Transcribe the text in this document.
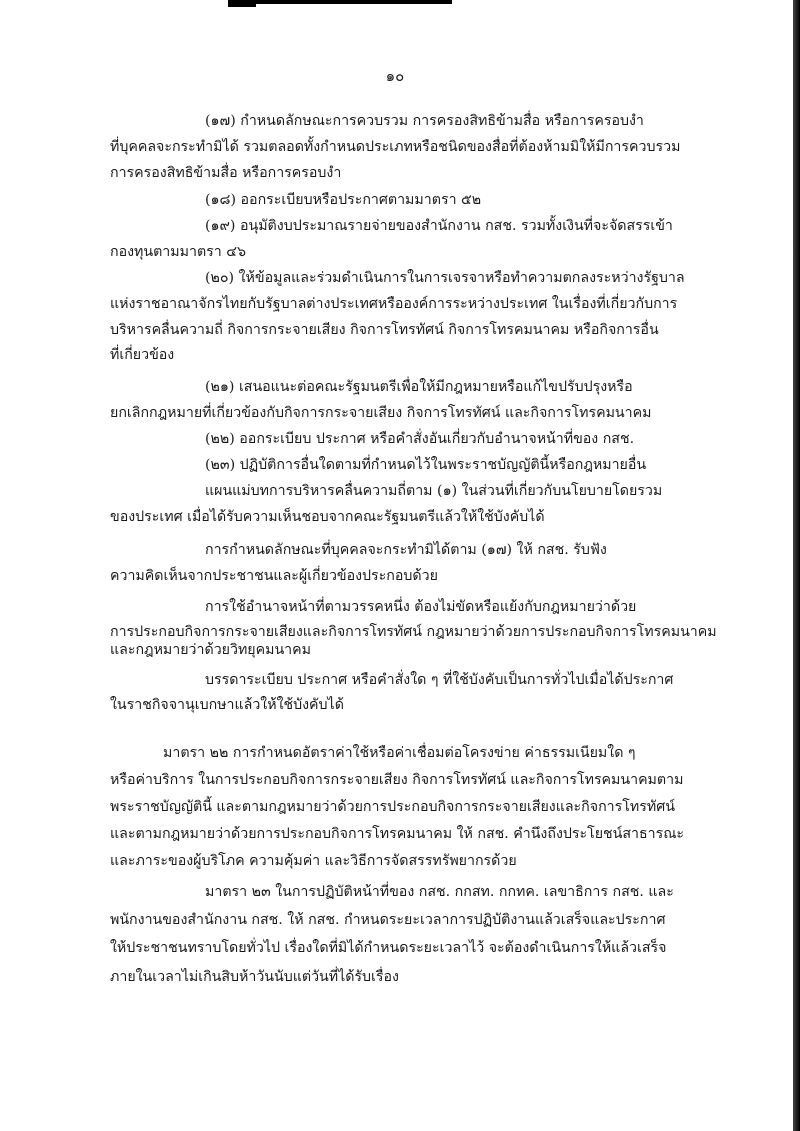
๑๐
(๑๗) กำหนดลักษณะการควบรวม การครองสิทธิข้ามสื่อ หรือการครอบงำ
ที่บุคคลจะกระทำมิได้ รวมตลอดทั้งกำหนดประเภทหรือชนิดของสื่อที่ต้องห้ามมิให้มีการควบรวม
การครองสิทธิข้ามสื่อ หรือการครอบงำ
(๑๘) ออกระเบียบหรือประกาศตามมาตรา ๕๒
(๑๙) อนุมัติงบประมาณรายจ่ายของสำนักงาน กสช. รวมทั้งเงินที่จะจัดสรรเข้า
กองทุนตามมาตรา ๔๖
(๒๐) ให้ข้อมูลและร่วมดำเนินการในการเจรจาหรือทำความตกลงระหว่างรัฐบาล
แห่งราชอาณาจักรไทยกับรัฐบาลต่างประเทศหรือองค์การระหว่างประเทศ ในเรื่องที่เกี่ยวกับการ
บริหารคลื่นความถี่ กิจการกระจายเสียง กิจการโทรทัศน์ กิจการโทรคมนาคม หรือกิจการอื่น
ที่เกี่ยวข้อง
(๒๑) เสนอแนะต่อคณะรัฐมนตรีเพื่อให้มีกฎหมายหรือแก้ไขปรับปรุงหรือ
ยกเลิกกฎหมายที่เกี่ยวข้องกับกิจการกระจายเสียง กิจการโทรทัศน์ และกิจการโทรคมนาคม
(๒๒) ออกระเบียบ ประกาศ หรือคำสั่งอันเกี่ยวกับอำนาจหน้าที่ของ กสช.
(๒๓) ปฏิบัติการอื่นใดตามที่กำหนดไว้ในพระราชบัญญัตินี้หรือกฎหมายอื่น
แผนแม่บทการบริหารคลื่นความถี่ตาม (๑) ในส่วนที่เกี่ยวกับนโยบายโดยรวม
ของประเทศ เมื่อได้รับความเห็นชอบจากคณะรัฐมนตรีแล้วให้ใช้บังคับได้
การกำหนดลักษณะที่บุคคลจะกระทำมิได้ตาม (๑๗) ให้ กสช. รับฟัง
ความคิดเห็นจากประชาชนและผู้เกี่ยวข้องประกอบด้วย
การใช้อำนาจหน้าที่ตามวรรคหนึ่ง ต้องไม่ขัดหรือแย้งกับกฎหมายว่าด้วย
การประกอบกิจการกระจายเสียงและกิจการโทรทัศน์ กฎหมายว่าด้วยการประกอบกิจการโทรคมนาคม
และกฎหมายว่าด้วยวิทยุคมนาคม
บรรดาระเบียบ ประกาศ หรือคำสั่งใด ๆ ที่ใช้บังคับเป็นการทั่วไปเมื่อได้ประกาศ
ในราชกิจจานุเบกษาแล้วให้ใช้บังคับได้
มาตรา ๒๒ การกำหนดอัตราค่าใช้หรือค่าเชื่อมต่อโครงข่าย ค่าธรรมเนียมใด ๆ
หรือค่าบริการ ในการประกอบกิจการกระจายเสียง กิจการโทรทัศน์ และกิจการโทรคมนาคมตาม
พระราชบัญญัตินี้ และตามกฎหมายว่าด้วยการประกอบกิจการกระจายเสียงและกิจการโทรทัศน์
และตามกฎหมายว่าด้วยการประกอบกิจการโทรคมนาคม ให้ กสช. คำนึงถึงประโยชน์สาธารณะ
และภาระของผู้บริโภค ความคุ้มค่า และวิธีการจัดสรรทรัพยากรด้วย
มาตรา ๒๓ ในการปฏิบัติหน้าที่ของ กสช. กกสท. กกทค. เลขาธิการ กสช. และ
พนักงานของสำนักงาน กสช. ให้ กสช. กำหนดระยะเวลาการปฏิบัติงานแล้วเสร็จและประกาศ
ให้ประชาชนทราบโดยทั่วไป เรื่องใดที่มิได้กำหนดระยะเวลาไว้ จะต้องดำเนินการให้แล้วเสร็จ
ภายในเวลาไม่เกินสิบห้าวันนับแต่วันที่ได้รับเรื่อง
